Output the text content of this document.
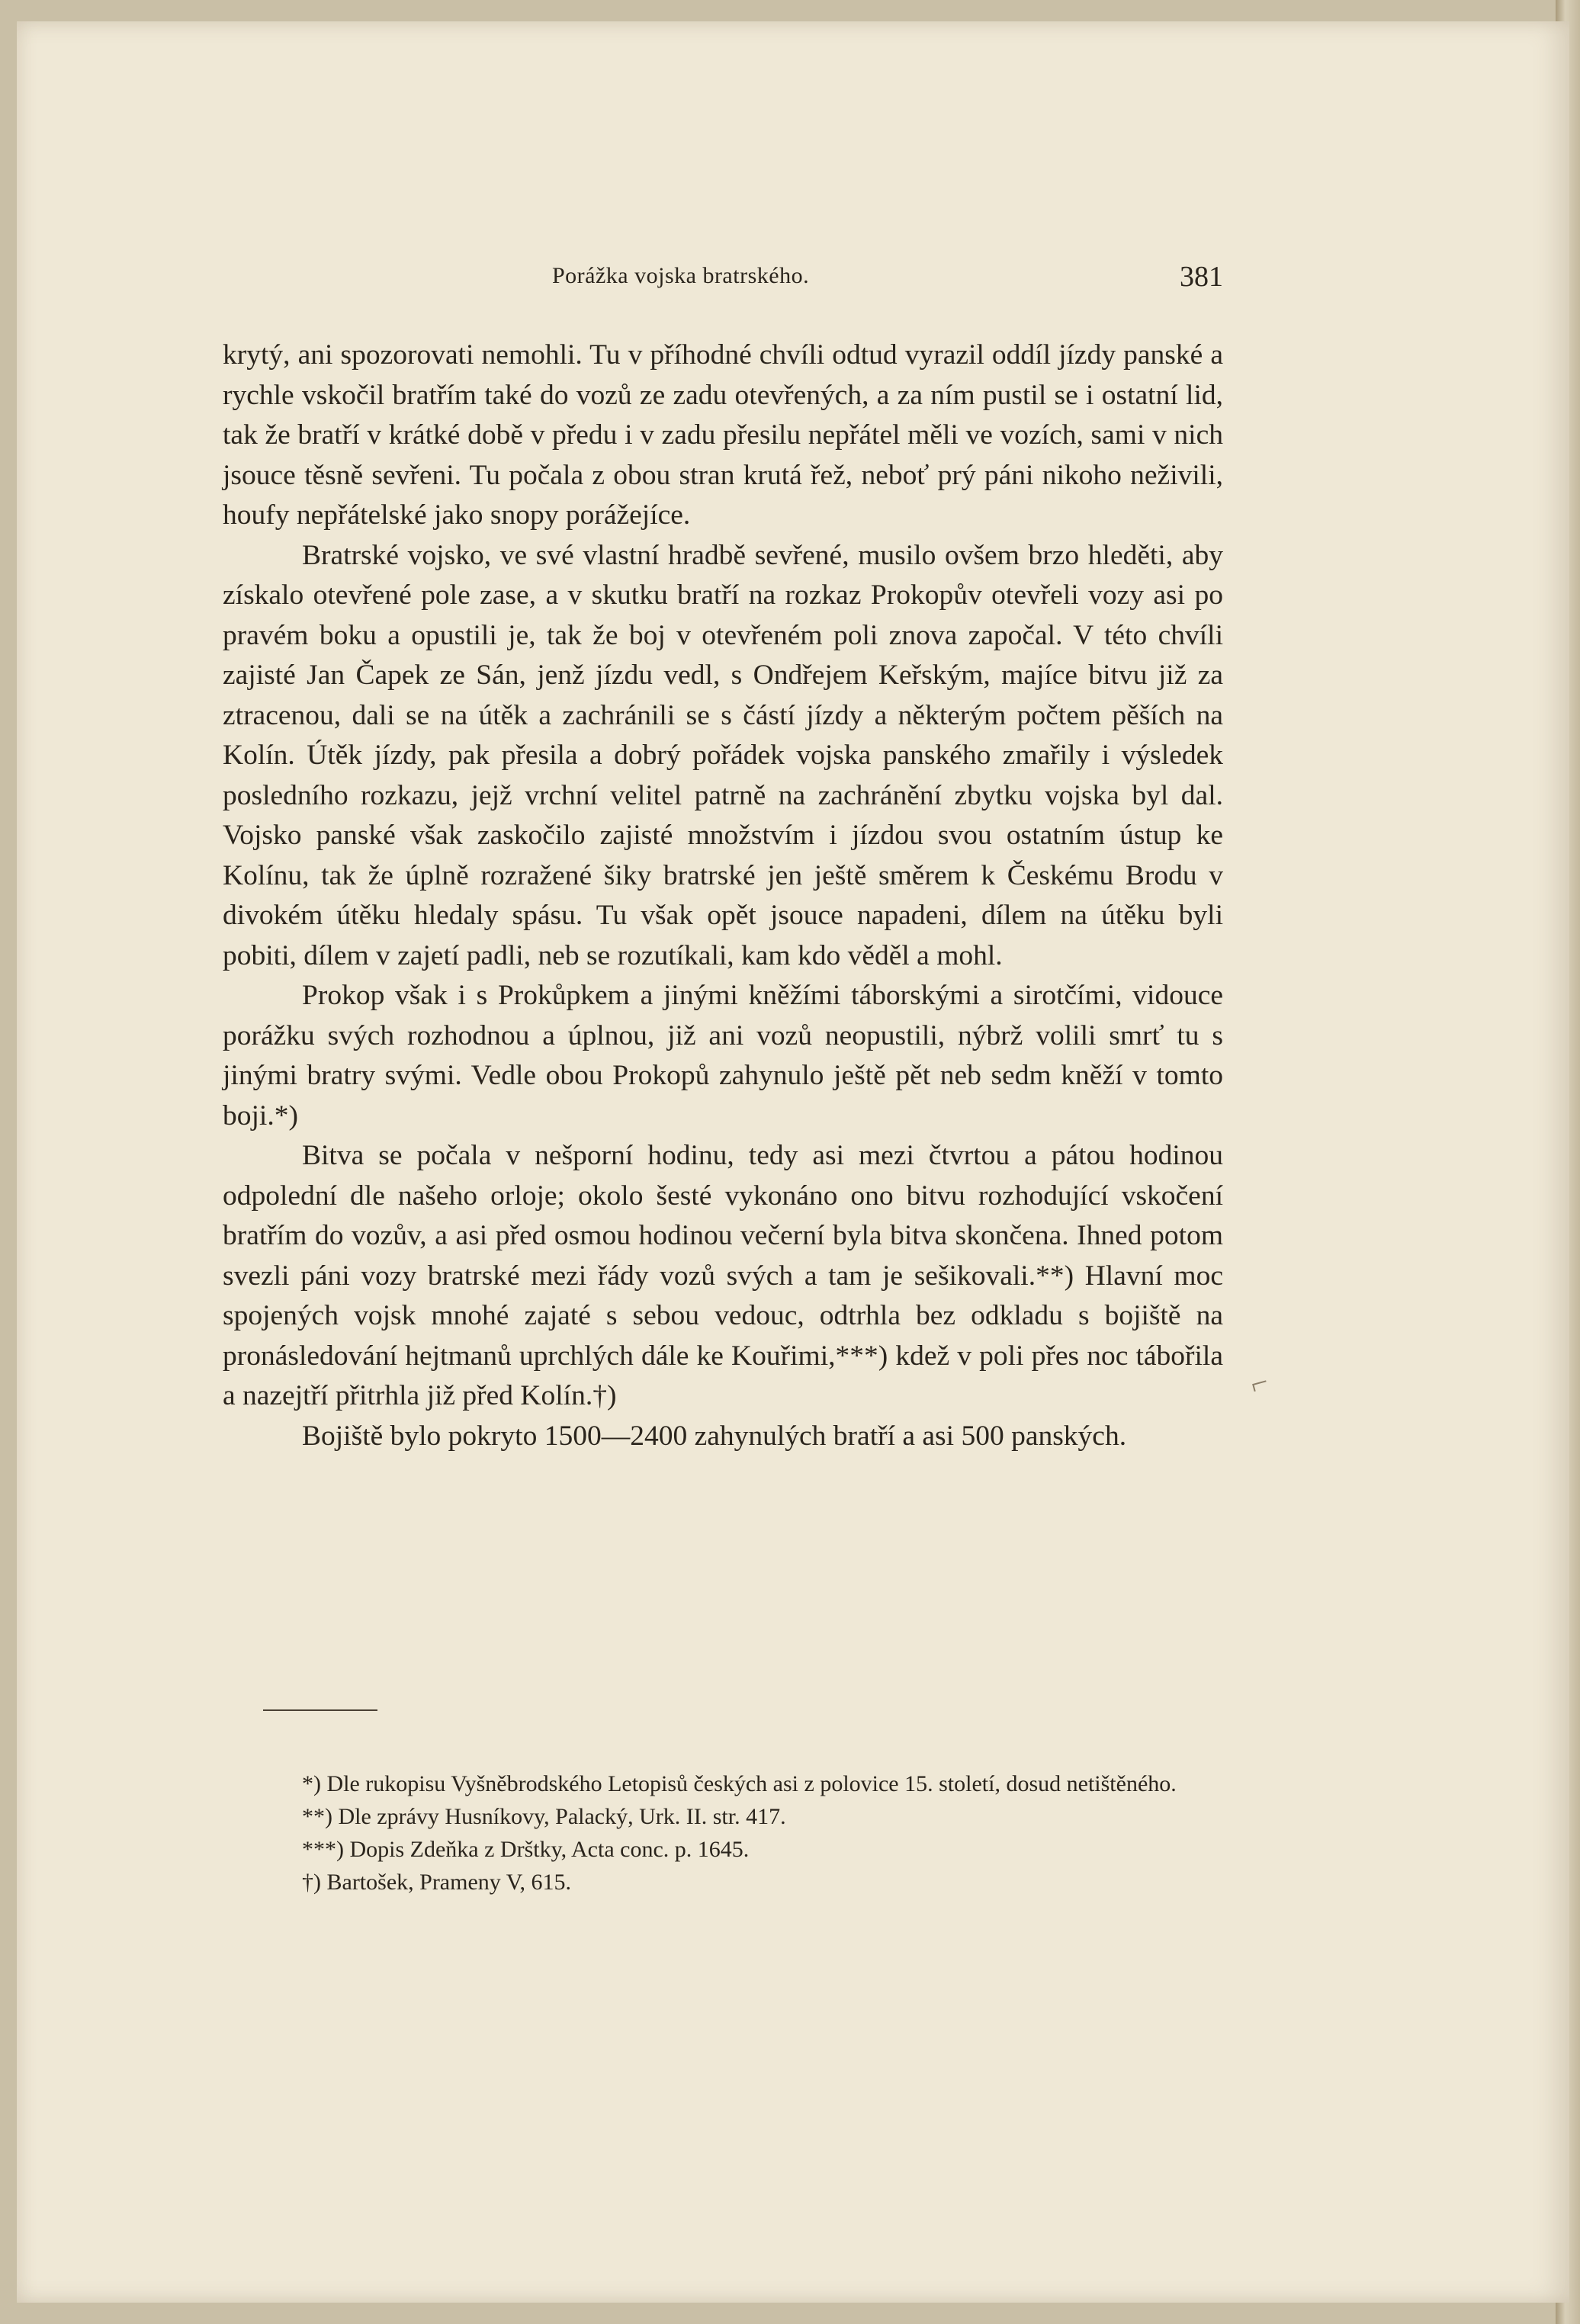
Porážka vojska bratrského.	381

krytý, ani spozorovati nemohli. Tu v příhodné chvíli odtud vyrazil oddíl jízdy panské a rychle vskočil bratřím také do vozů ze zadu otevřených, a za ním pustil se i ostatní lid, tak že bratří v krátké době v předu i v zadu přesilu nepřátel měli ve vozích, sami v nich jsouce těsně sevřeni. Tu počala z obou stran krutá řež, neboť prý páni nikoho neživili, houfy nepřátelské jako snopy porážejíce.

Bratrské vojsko, ve své vlastní hradbě sevřené, musilo ovšem brzo hleděti, aby získalo otevřené pole zase, a v skutku bratří na rozkaz Prokopův otevřeli vozy asi po pravém boku a opustili je, tak že boj v otevřeném poli znova započal. V této chvíli zajisté Jan Čapek ze Sán, jenž jízdu vedl, s Ondřejem Keřským, majíce bitvu již za ztracenou, dali se na útěk a zachránili se s částí jízdy a některým počtem pěších na Kolín. Útěk jízdy, pak přesila a dobrý pořádek vojska panského zmařily i výsledek posledního rozkazu, jejž vrchní velitel patrně na zachránění zbytku vojska byl dal. Vojsko panské však zaskočilo zajisté množstvím i jízdou svou ostatním ústup ke Kolínu, tak že úplně rozražené šiky bratrské jen ještě směrem k Českému Brodu v divokém útěku hledaly spásu. Tu však opět jsouce napadeni, dílem na útěku byli pobiti, dílem v zajetí padli, neb se rozutíkali, kam kdo věděl a mohl.

Prokop však i s Prokůpkem a jinými kněžími táborskými a sirotčími, vidouce porážku svých rozhodnou a úplnou, již ani vozů neopustili, nýbrž volili smrť tu s jinými bratry svými. Vedle obou Prokopů zahynulo ještě pět neb sedm kněží v tomto boji.*)

Bitva se počala v nešporní hodinu, tedy asi mezi čtvrtou a pátou hodinou odpolední dle našeho orloje; okolo šesté vykonáno ono bitvu rozhodující vskočení bratřím do vozův, a asi před osmou hodinou večerní byla bitva skončena. Ihned potom svezli páni vozy bratrské mezi řády vozů svých a tam je sešikovali.**) Hlavní moc spojených vojsk mnohé zajaté s sebou vedouc, odtrhla bez odkladu s bojiště na pronásledování hejtmanů uprchlých dále ke Kouřimi,***) kdež v poli přes noc tábořila a nazejtří přitrhla již před Kolín.†)

Bojiště bylo pokryto 1500—2400 zahynulých bratří a asi 500 panských.

*) Dle rukopisu Vyšněbrodského Letopisů českých asi z polovice 15. století, dosud netištěného.

**) Dle zprávy Husníkovy, Palacký, Urk. II. str. 417.

***) Dopis Zdeňka z Drštky, Acta conc. p. 1645.

†) Bartošek, Prameny V, 615.

⌐
